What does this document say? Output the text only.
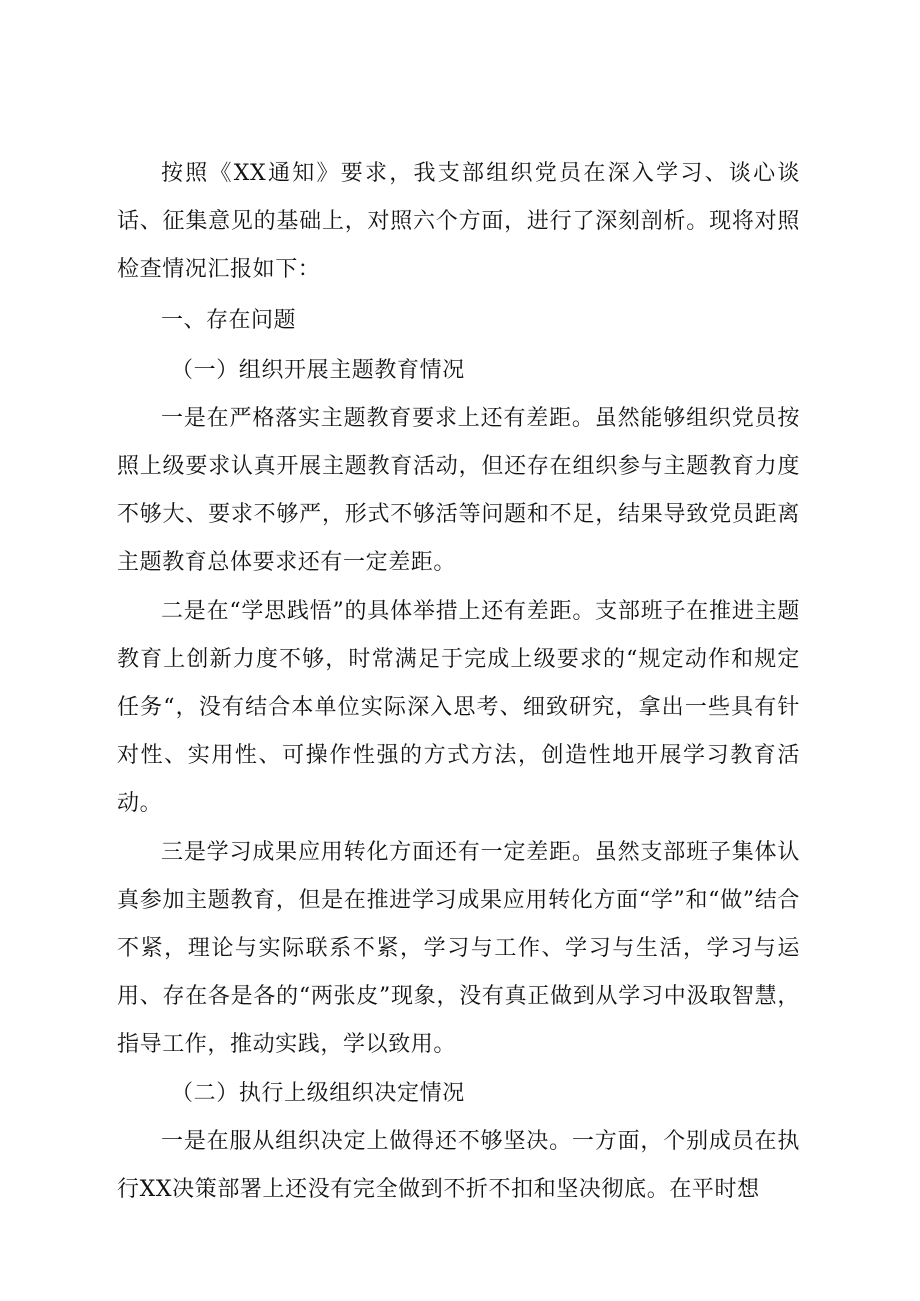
按照《XX通知》要求，我支部组织党员在深入学习、谈心谈话、征集意见的基础上，对照六个方面，进行了深刻剖析。现将对照检查情况汇报如下：

一、存在问题

（一）组织开展主题教育情况

一是在严格落实主题教育要求上还有差距。虽然能够组织党员按照上级要求认真开展主题教育活动，但还存在组织参与主题教育力度不够大、要求不够严，形式不够活等问题和不足，结果导致党员距离主题教育总体要求还有一定差距。

二是在“学思践悟”的具体举措上还有差距。支部班子在推进主题教育上创新力度不够，时常满足于完成上级要求的“规定动作和规定任务“，没有结合本单位实际深入思考、细致研究，拿出一些具有针对性、实用性、可操作性强的方式方法，创造性地开展学习教育活动。

三是学习成果应用转化方面还有一定差距。虽然支部班子集体认真参加主题教育，但是在推进学习成果应用转化方面“学”和“做”结合不紧，理论与实际联系不紧，学习与工作、学习与生活，学习与运用、存在各是各的“两张皮”现象，没有真正做到从学习中汲取智慧，指导工作，推动实践，学以致用。

（二）执行上级组织决定情况

一是在服从组织决定上做得还不够坚决。一方面，个别成员在执行XX决策部署上还没有完全做到不折不扣和坚决彻底。在平时想
